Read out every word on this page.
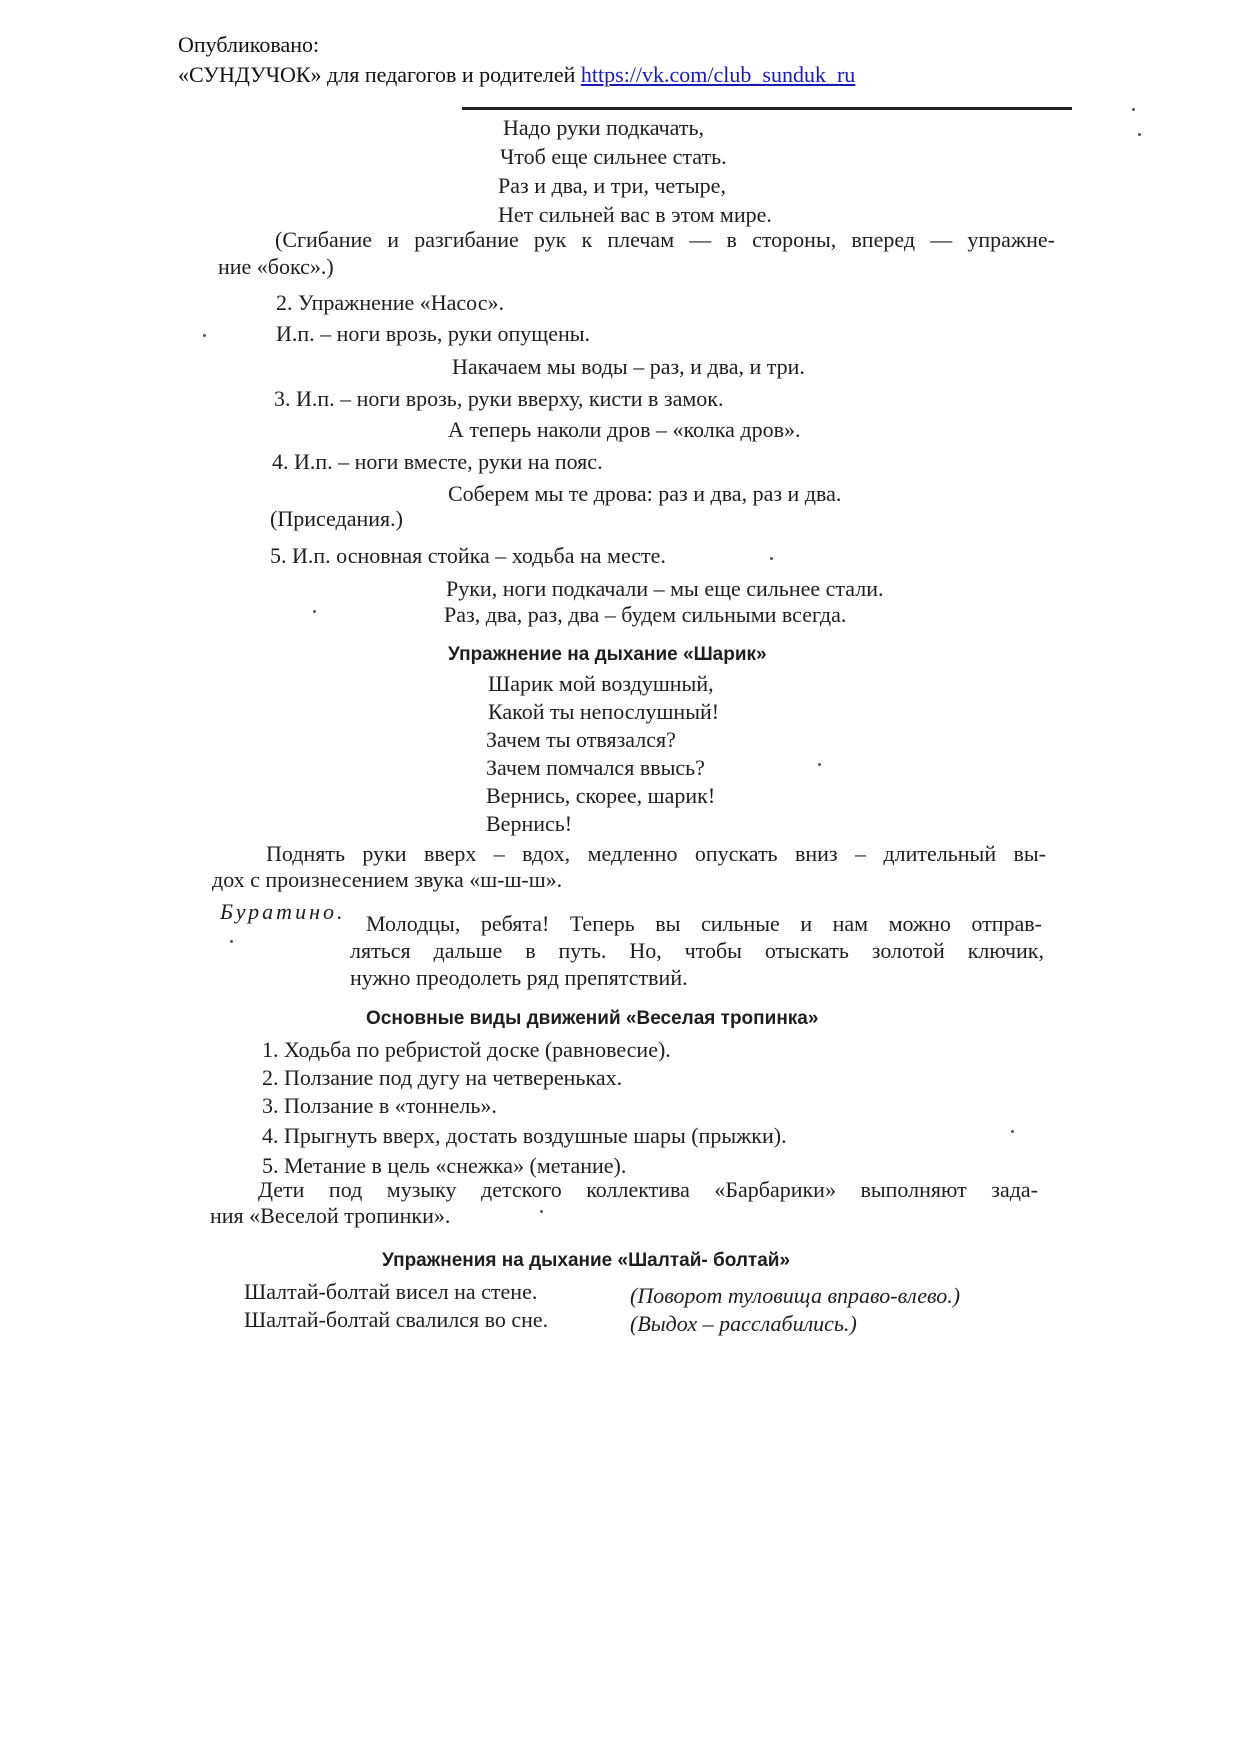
Опубликовано:
«СУНДУЧОК» для педагогов и родителей https://vk.com/club_sunduk_ru
Надо руки подкачать,
Чтоб еще сильнее стать.
Раз и два, и три, четыре,
Нет сильней вас в этом мире.
(Сгибание и разгибание рук к плечам — в стороны, вперед — упражне-
ние «бокс».)
2. Упражнение «Насос».
И.п. – ноги врозь, руки опущены.
Накачаем мы воды – раз, и два, и три.
3. И.п. – ноги врозь, руки вверху, кисти в замок.
А теперь наколи дров – «колка дров».
4. И.п. – ноги вместе, руки на пояс.
Соберем мы те дрова: раз и два, раз и два.
(Приседания.)
5. И.п. основная стойка – ходьба на месте.
Руки, ноги подкачали – мы еще сильнее стали.
Раз, два, раз, два – будем сильными всегда.
Упражнение на дыхание «Шарик»
Шарик мой воздушный,
Какой ты непослушный!
Зачем ты отвязался?
Зачем помчался ввысь?
Вернись, скорее, шарик!
Вернись!
Поднять руки вверх – вдох, медленно опускать вниз – длительный вы-
дох с произнесением звука «ш-ш-ш».
Буратино. Молодцы, ребята! Теперь вы сильные и нам можно отправ-
ляться дальше в путь. Но, чтобы отыскать золотой ключик,
нужно преодолеть ряд препятствий.
Основные виды движений «Веселая тропинка»
1. Ходьба по ребристой доске (равновесие).
2. Ползание под дугу на четвереньках.
3. Ползание в «тоннель».
4. Прыгнуть вверх, достать воздушные шары (прыжки).
5. Метание в цель «снежка» (метание).
Дети под музыку детского коллектива «Барбарики» выполняют зада-
ния «Веселой тропинки».
Упражнения на дыхание «Шалтай- болтай»
Шалтай-болтай висел на стене.	(Поворот туловища вправо-влево.)
Шалтай-болтай свалился во сне.	(Выдох – расслабились.)
